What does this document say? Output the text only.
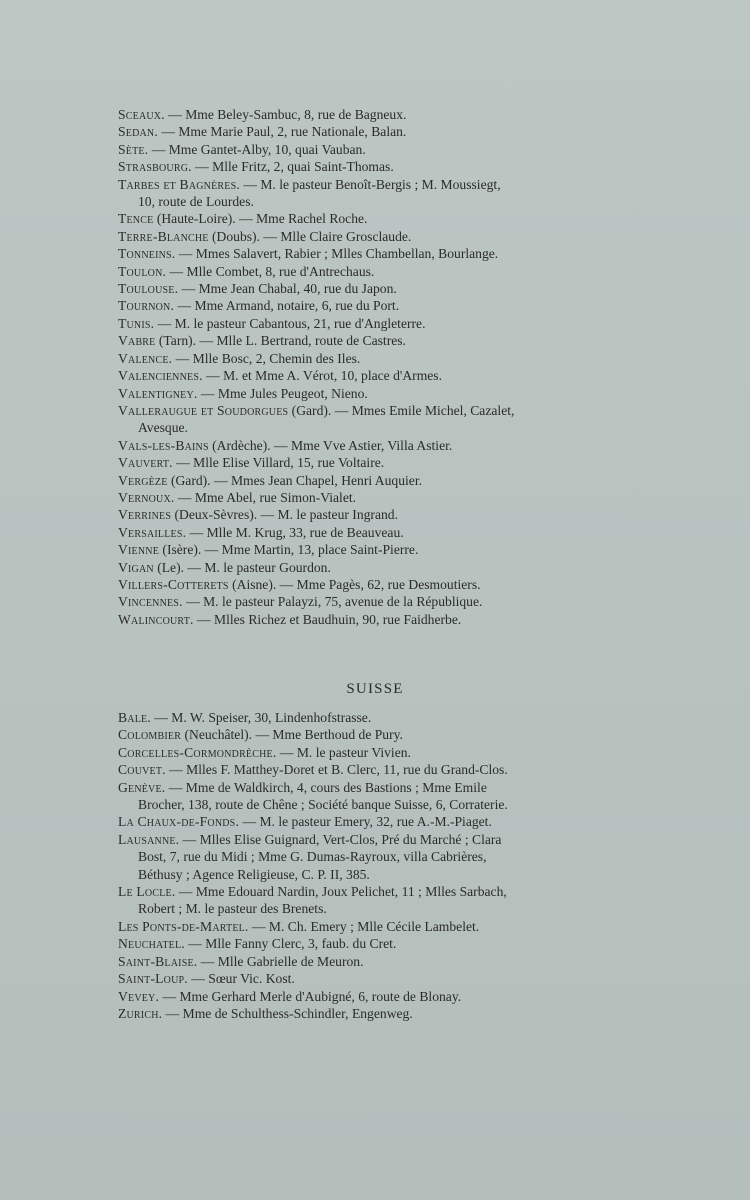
Sceaux. — Mme Beley-Sambuc, 8, rue de Bagneux.
Sedan. — Mme Marie Paul, 2, rue Nationale, Balan.
Sète. — Mme Gantet-Alby, 10, quai Vauban.
Strasbourg. — Mlle Fritz, 2, quai Saint-Thomas.
Tarbes et Bagnères. — M. le pasteur Benoît-Bergis ; M. Moussiegt,
10, route de Lourdes.
Tence (Haute-Loire). — Mme Rachel Roche.
Terre-Blanche (Doubs). — Mlle Claire Grosclaude.
Tonneins. — Mmes Salavert, Rabier ; Mlles Chambellan, Bourlange.
Toulon. — Mlle Combet, 8, rue d'Antrechaus.
Toulouse. — Mme Jean Chabal, 40, rue du Japon.
Tournon. — Mme Armand, notaire, 6, rue du Port.
Tunis. — M. le pasteur Cabantous, 21, rue d'Angleterre.
Vabre (Tarn). — Mlle L. Bertrand, route de Castres.
Valence. — Mlle Bosc, 2, Chemin des Iles.
Valenciennes. — M. et Mme A. Vérot, 10, place d'Armes.
Valentigney. — Mme Jules Peugeot, Nieno.
Valleraugue et Soudorgues (Gard). — Mmes Emile Michel, Cazalet,
Avesque.
Vals-les-Bains (Ardèche). — Mme Vve Astier, Villa Astier.
Vauvert. — Mlle Elise Villard, 15, rue Voltaire.
Vergèze (Gard). — Mmes Jean Chapel, Henri Auquier.
Vernoux. — Mme Abel, rue Simon-Vialet.
Verrines (Deux-Sèvres). — M. le pasteur Ingrand.
Versailles. — Mlle M. Krug, 33, rue de Beauveau.
Vienne (Isère). — Mme Martin, 13, place Saint-Pierre.
Vigan (Le). — M. le pasteur Gourdon.
Villers-Cotterets (Aisne). — Mme Pagès, 62, rue Desmoutiers.
Vincennes. — M. le pasteur Palayzi, 75, avenue de la République.
Walincourt. — Mlles Richez et Baudhuin, 90, rue Faidherbe.
SUISSE
Bale. — M. W. Speiser, 30, Lindenhofstrasse.
Colombier (Neuchâtel). — Mme Berthoud de Pury.
Corcelles-Cormondrèche. — M. le pasteur Vivien.
Couvet. — Mlles F. Matthey-Doret et B. Clerc, 11, rue du Grand-Clos.
Genève. — Mme de Waldkirch, 4, cours des Bastions ; Mme Emile
Brocher, 138, route de Chêne ; Société banque Suisse, 6, Corraterie.
La Chaux-de-Fonds. — M. le pasteur Emery, 32, rue A.-M.-Piaget.
Lausanne. — Mlles Elise Guignard, Vert-Clos, Pré du Marché ; Clara
Bost, 7, rue du Midi ; Mme G. Dumas-Rayroux, villa Cabrières,
Béthusy ; Agence Religieuse, C. P. II, 385.
Le Locle. — Mme Edouard Nardin, Joux Pelichet, 11 ; Mlles Sarbach,
Robert ; M. le pasteur des Brenets.
Les Ponts-de-Martel. — M. Ch. Emery ; Mlle Cécile Lambelet.
Neuchatel. — Mlle Fanny Clerc, 3, faub. du Cret.
Saint-Blaise. — Mlle Gabrielle de Meuron.
Saint-Loup. — Sœur Vic. Kost.
Vevey. — Mme Gerhard Merle d'Aubigné, 6, route de Blonay.
Zurich. — Mme de Schulthess-Schindler, Engenweg.
